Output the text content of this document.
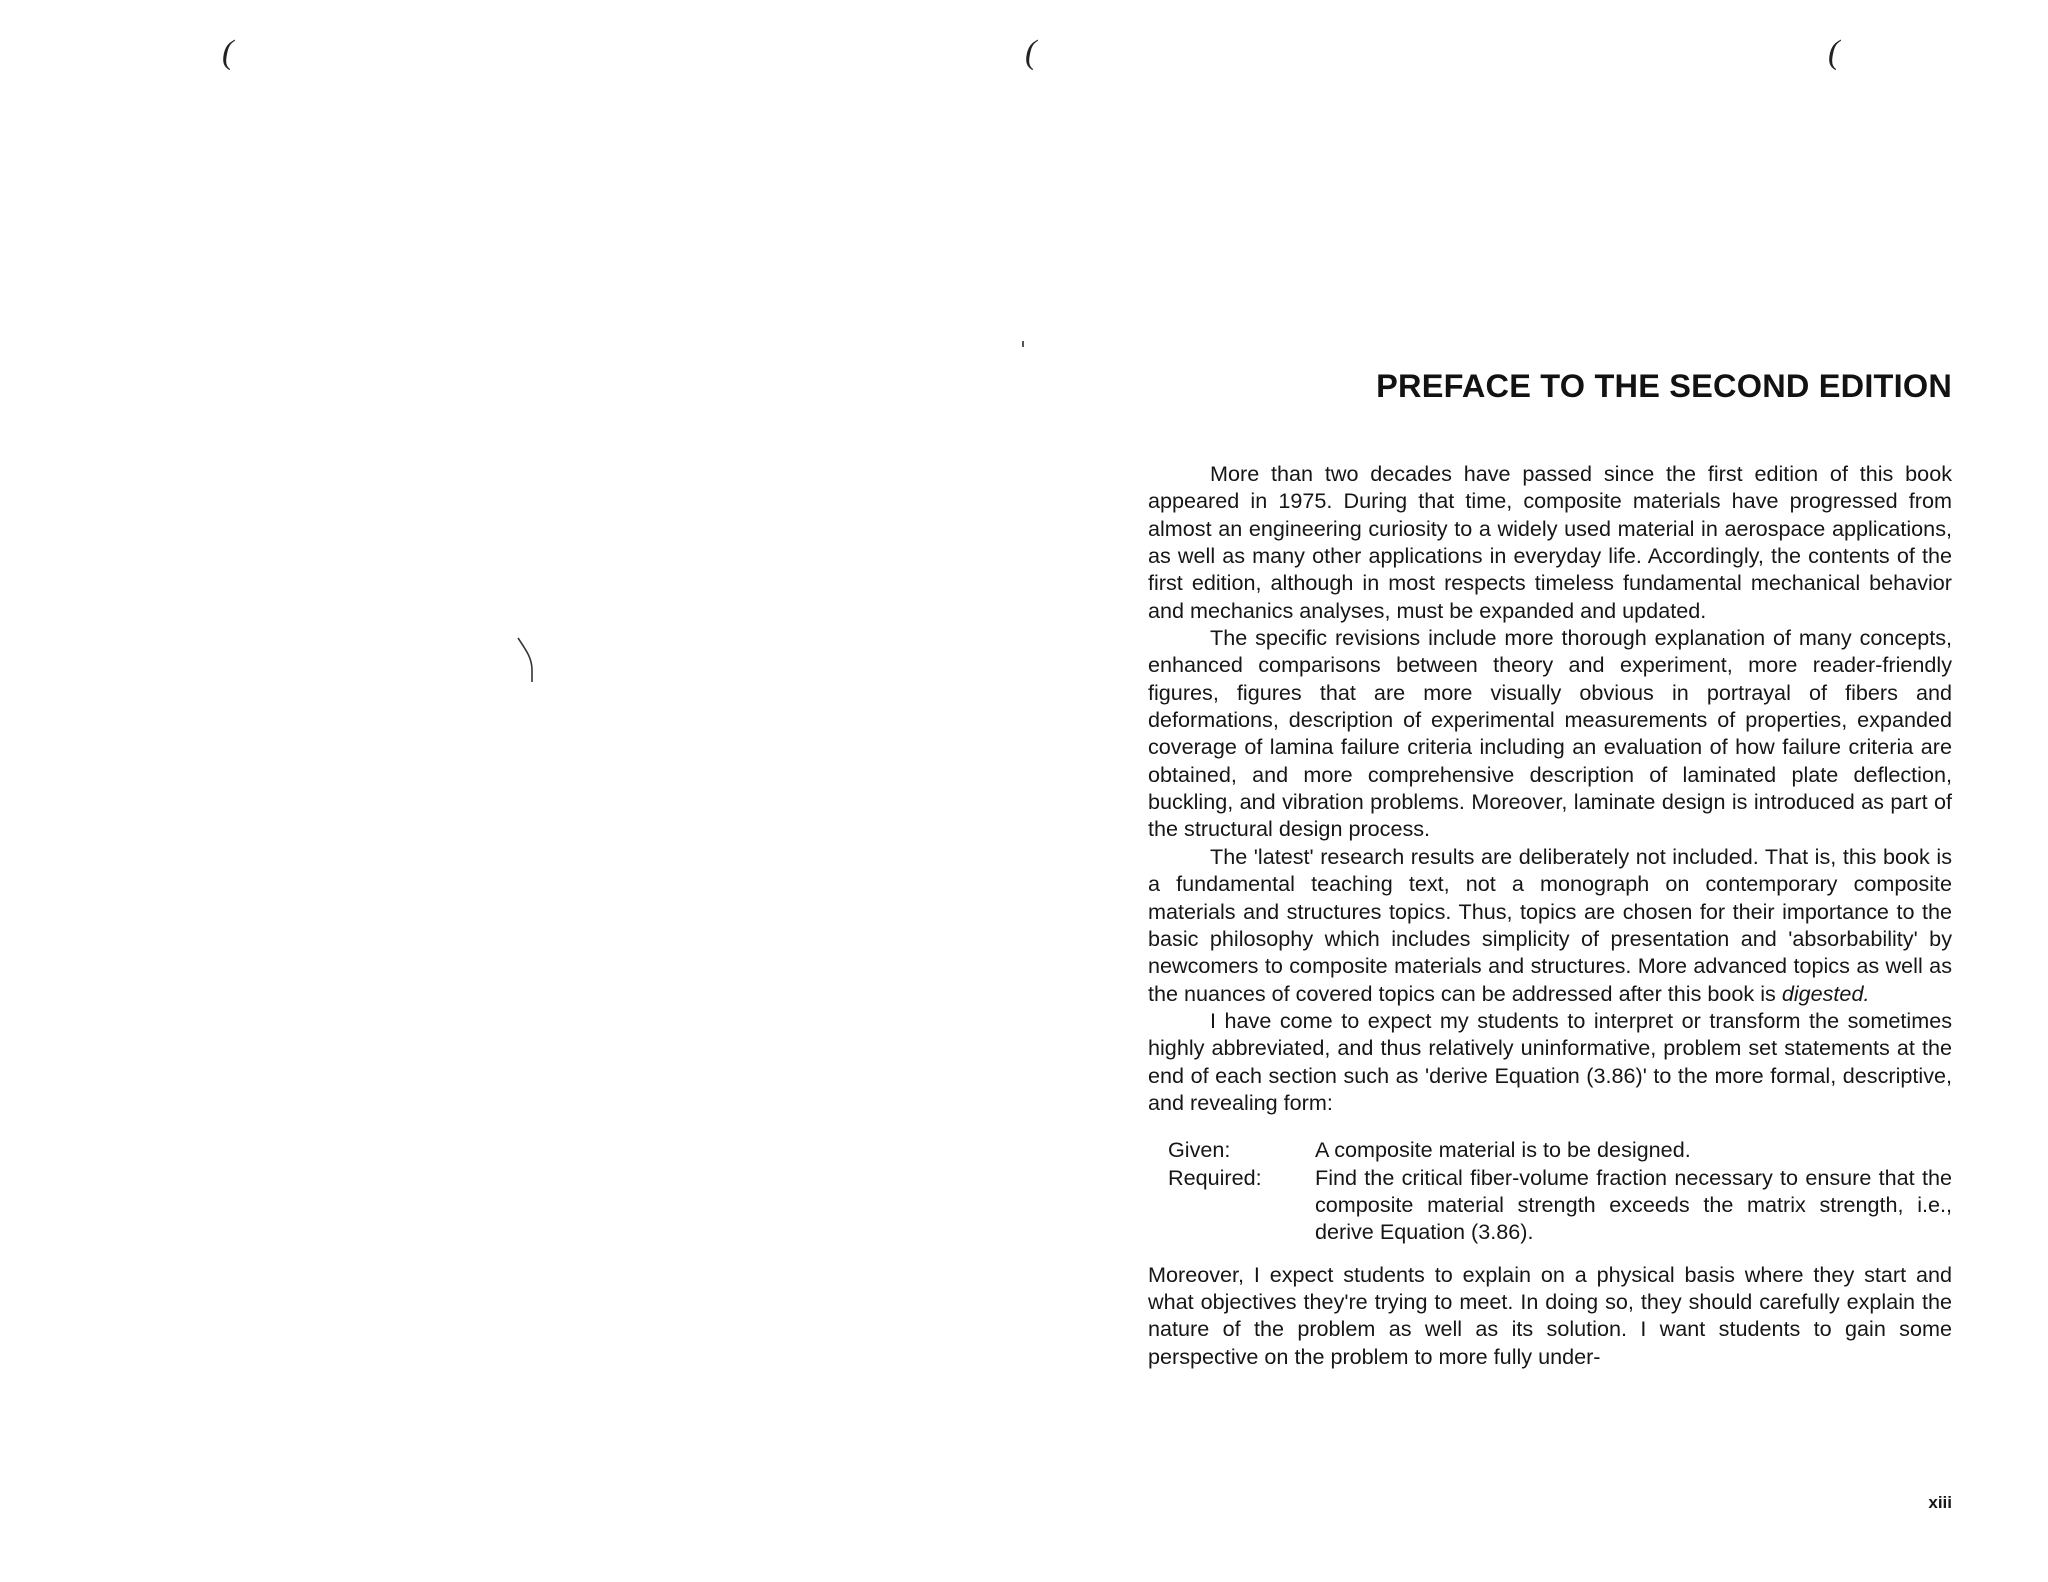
(	(	(
PREFACE TO THE SECOND EDITION

More than two decades have passed since the first edition of this book appeared in 1975. During that time, composite materials have progressed from almost an engineering curiosity to a widely used material in aerospace applications, as well as many other applications in everyday life. Accordingly, the contents of the first edition, although in most respects timeless fundamental mechanical behavior and mechanics analyses, must be expanded and updated.

The specific revisions include more thorough explanation of many concepts, enhanced comparisons between theory and experiment, more reader-friendly figures, figures that are more visually obvious in portrayal of fibers and deformations, description of experimental measurements of properties, expanded coverage of lamina failure criteria including an evaluation of how failure criteria are obtained, and more comprehensive description of laminated plate deflection, buckling, and vibration problems. Moreover, laminate design is introduced as part of the structural design process.

The 'latest' research results are deliberately not included. That is, this book is a fundamental teaching text, not a monograph on contemporary composite materials and structures topics. Thus, topics are chosen for their importance to the basic philosophy which includes simplicity of presentation and 'absorbability' by newcomers to composite materials and structures. More advanced topics as well as the nuances of covered topics can be addressed after this book is digested.

I have come to expect my students to interpret or transform the sometimes highly abbreviated, and thus relatively uninformative, problem set statements at the end of each section such as 'derive Equation (3.86)' to the more formal, descriptive, and revealing form:

Given:	A composite material is to be designed.
Required:	Find the critical fiber-volume fraction necessary to ensure that the composite material strength exceeds the matrix strength, i.e., derive Equation (3.86).

Moreover, I expect students to explain on a physical basis where they start and what objectives they're trying to meet. In doing so, they should carefully explain the nature of the problem as well as its solution. I want students to gain some perspective on the problem to more fully under-

xiii
